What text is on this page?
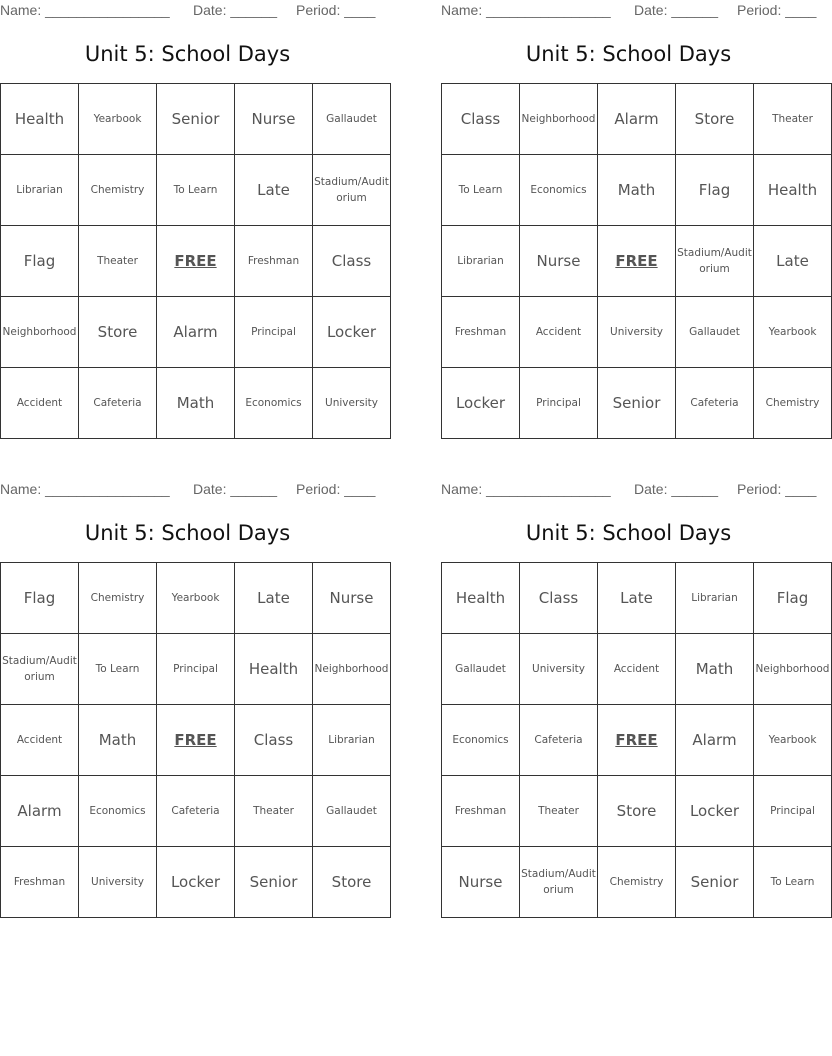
Name: ________________ Date: ______ Period: ____
Unit 5: School Days
Health	Yearbook	Senior	Nurse	Gallaudet
Librarian	Chemistry	To Learn	Late	Stadium/Auditorium
Flag	Theater	FREE	Freshman	Class
Neighborhood	Store	Alarm	Principal	Locker
Accident	Cafeteria	Math	Economics	University
Name: ________________ Date: ______ Period: ____
Unit 5: School Days
Class	Neighborhood	Alarm	Store	Theater
To Learn	Economics	Math	Flag	Health
Librarian	Nurse	FREE	Stadium/Auditorium	Late
Freshman	Accident	University	Gallaudet	Yearbook
Locker	Principal	Senior	Cafeteria	Chemistry
Name: ________________ Date: ______ Period: ____
Unit 5: School Days
Flag	Chemistry	Yearbook	Late	Nurse
Stadium/Auditorium	To Learn	Principal	Health	Neighborhood
Accident	Math	FREE	Class	Librarian
Alarm	Economics	Cafeteria	Theater	Gallaudet
Freshman	University	Locker	Senior	Store
Name: ________________ Date: ______ Period: ____
Unit 5: School Days
Health	Class	Late	Librarian	Flag
Gallaudet	University	Accident	Math	Neighborhood
Economics	Cafeteria	FREE	Alarm	Yearbook
Freshman	Theater	Store	Locker	Principal
Nurse	Stadium/Auditorium	Chemistry	Senior	To Learn
